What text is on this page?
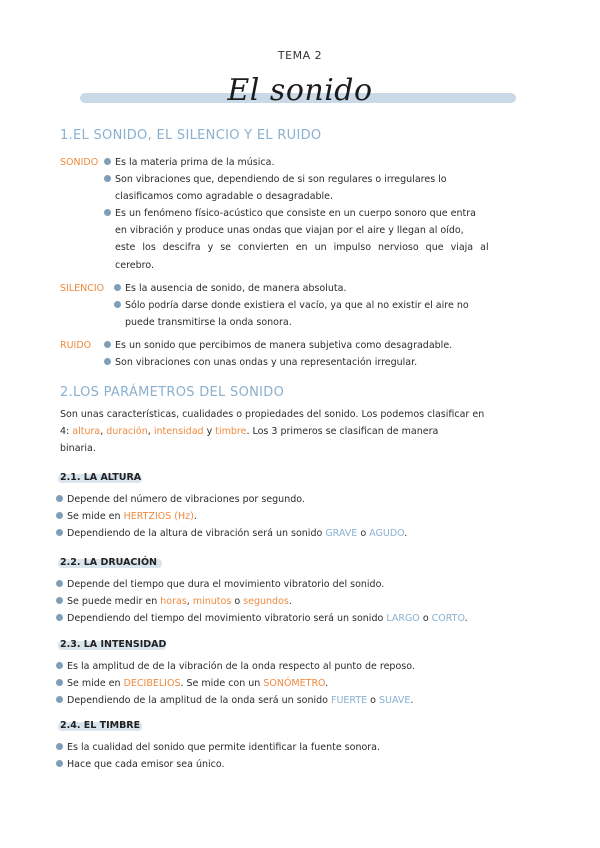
TEMA 2
El sonido
1.EL SONIDO, EL SILENCIO Y EL RUIDO
SONIDO	Es la materia prima de la música.
Son vibraciones que, dependiendo de si son regulares o irregulares lo
clasificamos como agradable o desagradable.
Es un fenómeno físico-acústico que consiste en un cuerpo sonoro que entra
en vibración y produce unas ondas que viajan por el aire y llegan al oído,
este los descifra y se convierten en un impulso nervioso que viaja al
cerebro.
SILENCIO	Es la ausencia de sonido, de manera absoluta.
Sólo podría darse donde existiera el vacío, ya que al no existir el aire no
puede transmitirse la onda sonora.
RUIDO	Es un sonido que percibimos de manera subjetiva como desagradable.
Son vibraciones con unas ondas y una representación irregular.
2.LOS PARÁMETROS DEL SONIDO
Son unas características, cualidades o propiedades del sonido. Los podemos clasificar en
4: altura, duración, intensidad y timbre. Los 3 primeros se clasifican de manera
binaria.
2.1. LA ALTURA
Depende del número de vibraciones por segundo.
Se mide en HERTZIOS (Hz).
Dependiendo de la altura de vibración será un sonido GRAVE o AGUDO.
2.2. LA DRUACIÓN
Depende del tiempo que dura el movimiento vibratorio del sonido.
Se puede medir en horas, minutos o segundos.
Dependiendo del tiempo del movimiento vibratorio será un sonido LARGO o CORTO.
2.3. LA INTENSIDAD
Es la amplitud de de la vibración de la onda respecto al punto de reposo.
Se mide en DECIBELIOS. Se mide con un SONÓMETRO.
Dependiendo de la amplitud de la onda será un sonido FUERTE o SUAVE.
2.4. EL TIMBRE
Es la cualidad del sonido que permite identificar la fuente sonora.
Hace que cada emisor sea único.
